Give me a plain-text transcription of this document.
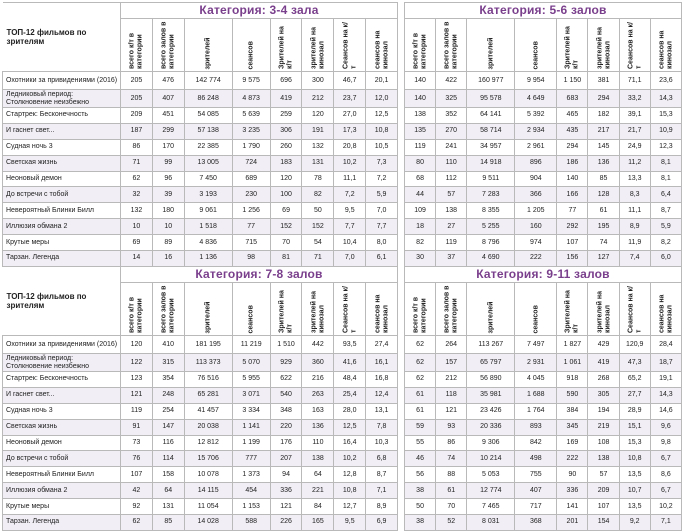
ТОП-12 фильмов по зрителям	Категория: 3-4 зала							

	всего к/т в категории	всего залов в категории	зрителей	сеансов	Зрителей на к/т	зрителей на кинозал	Сеансов на к/т	сеансов на кинозал

Охотники за привидениями (2016)	205	476	142 774	9 575	696	300	46,7	20,1
Ледниковый период: Столкновение неизбежно	205	407	86 248	4 873	419	212	23,7	12,0
Стартрек: Бесконечность	209	451	54 085	5 639	259	120	27,0	12,5
И гаснет свет...	187	299	57 138	3 235	306	191	17,3	10,8
Судная ночь 3	86	170	22 385	1 790	260	132	20,8	10,5
Светская жизнь	71	99	13 005	724	183	131	10,2	7,3
Неоновый демон	62	96	7 450	689	120	78	11,1	7,2
До встречи с тобой	32	39	3 193	230	100	82	7,2	5,9
Невероятный Блинки Билл	132	180	9 061	1 256	69	50	9,5	7,0
Иллюзия обмана 2	10	10	1 518	77	152	152	7,7	7,7
Крутые меры	69	89	4 836	715	70	54	10,4	8,0
Тарзан. Легенда	14	16	1 136	98	81	71	7,0	6,1
Категория: 5-6 залов							

всего к/т в категории	всего залов в категории	зрителей	сеансов	Зрителей на к/т	зрителей на кинозал	Сеансов на к/т	сеансов на кинозал

140	422	160 977	9 954	1 150	381	71,1	23,6
140	325	95 578	4 649	683	294	33,2	14,3
138	352	64 141	5 392	465	182	39,1	15,3
135	270	58 714	2 934	435	217	21,7	10,9
119	241	34 957	2 961	294	145	24,9	12,3
80	110	14 918	896	186	136	11,2	8,1
68	112	9 511	904	140	85	13,3	8,1
44	57	7 283	366	166	128	8,3	6,4
109	138	8 355	1 205	77	61	11,1	8,7
18	27	5 255	160	292	195	8,9	5,9
82	119	8 796	974	107	74	11,9	8,2
30	37	4 690	222	156	127	7,4	6,0
ТОП-12 фильмов по зрителям	Категория: 7-8 залов							

	всего к/т в категории	всего залов в категории	зрителей	сеансов	Зрителей на к/т	зрителей на кинозал	Сеансов на к/т	сеансов на кинозал

Охотники за привидениями (2016)	120	410	181 195	11 219	1 510	442	93,5	27,4
Ледниковый период: Столкновение неизбежно	122	315	113 373	5 070	929	360	41,6	16,1
Стартрек: Бесконечность	123	354	76 516	5 955	622	216	48,4	16,8
И гаснет свет...	121	248	65 281	3 071	540	263	25,4	12,4
Судная ночь 3	119	254	41 457	3 334	348	163	28,0	13,1
Светская жизнь	91	147	20 038	1 141	220	136	12,5	7,8
Неоновый демон	73	116	12 812	1 199	176	110	16,4	10,3
До встречи с тобой	76	114	15 706	777	207	138	10,2	6,8
Невероятный Блинки Билл	107	158	10 078	1 373	94	64	12,8	8,7
Иллюзия обмана 2	42	64	14 115	454	336	221	10,8	7,1
Крутые меры	92	131	11 054	1 153	121	84	12,7	8,9
Тарзан. Легенда	62	85	14 028	588	226	165	9,5	6,9
Категория: 9-11 залов							

всего к/т в категории	всего залов в категории	зрителей	сеансов	Зрителей на к/т	зрителей на кинозал	Сеансов на к/т	сеансов на кинозал

62	264	113 267	7 497	1 827	429	120,9	28,4
62	157	65 797	2 931	1 061	419	47,3	18,7
62	212	56 890	4 045	918	268	65,2	19,1
61	118	35 981	1 688	590	305	27,7	14,3
61	121	23 426	1 764	384	194	28,9	14,6
59	93	20 336	893	345	219	15,1	9,6
55	86	9 306	842	169	108	15,3	9,8
46	74	10 214	498	222	138	10,8	6,7
56	88	5 053	755	90	57	13,5	8,6
38	61	12 774	407	336	209	10,7	6,7
50	70	7 465	717	141	107	13,5	10,2
38	52	8 031	368	201	154	9,2	7,1
